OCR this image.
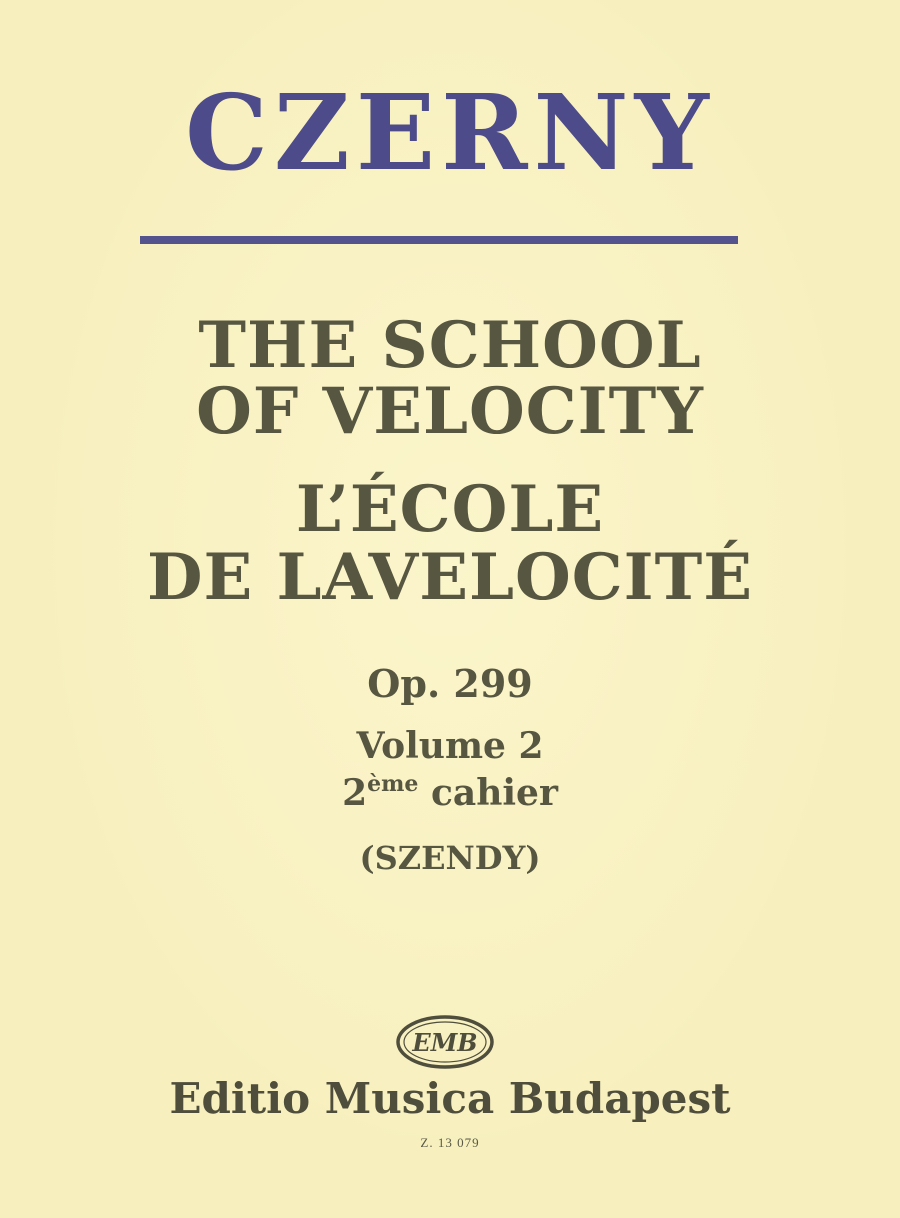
CZERNY
THE SCHOOL
OF VELOCITY
L’ÉCOLE
DE LAVELOCITÉ
Op. 299
Volume 2
2ème cahier
(SZENDY)
EMB
Editio Musica Budapest
Z. 13 079
